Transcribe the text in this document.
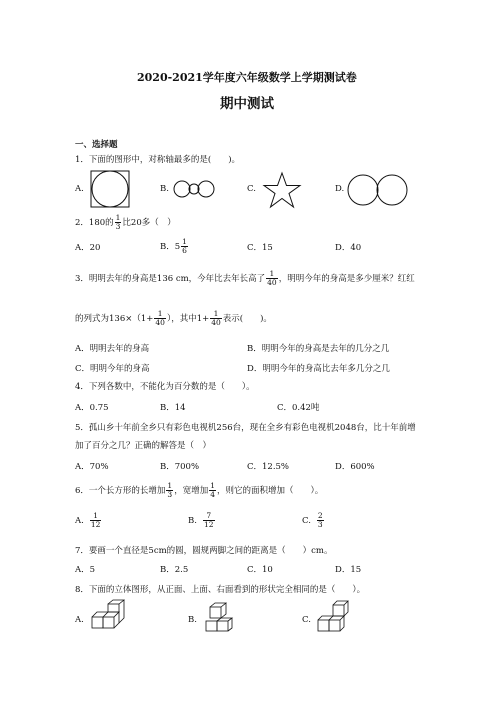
2020-2021学年度六年级数学上学期测试卷
期中测试
一、选择题
1．下面的图形中，对称轴最多的是(　　)。
A.	B.	C.	D.
2．180的 $\frac{1}{3}$ 比20多（　）
A．20	B．$5 \frac{1}{6}$	C．15	D．40
3．明明去年的身高是136 cm，今年比去年长高了 $\frac{1}{40}$ ，明明今年的身高是多少厘米？红红
的列式为$136\times(1+ \frac{1}{40}$ ），其中$1+ \frac{1}{40}$ 表示(　　)。
A．明明去年的身高	B．明明今年的身高是去年的几分之几
C．明明今年的身高	D．明明今年的身高比去年多几分之几
4．下列各数中，不能化为百分数的是（　　）。
A．0.75	B．14	C．0.42吨
5．孤山乡十年前全乡只有彩色电视机256台，现在全乡有彩色电视机2048台，比十年前增
加了百分之几？正确的解答是（　）
A．70%	B．700%	C．12.5%	D．600%
6．一个长方形的长增加 $\frac{1}{3}$ ，宽增加 $\frac{1}{4}$ ，则它的面积增加（　　）。
A. $\frac{1}{12}$	B. $\frac{7}{12}$	C. $\frac{2}{3}$
7．要画一个直径是5cm的圆，圆规两脚之间的距离是（　　）cm。
A．5	B．2.5	C．10	D．15
8．下面的立体图形，从正面、上面、右面看到的形状完全相同的是（　　）。
A.	B.	C.
